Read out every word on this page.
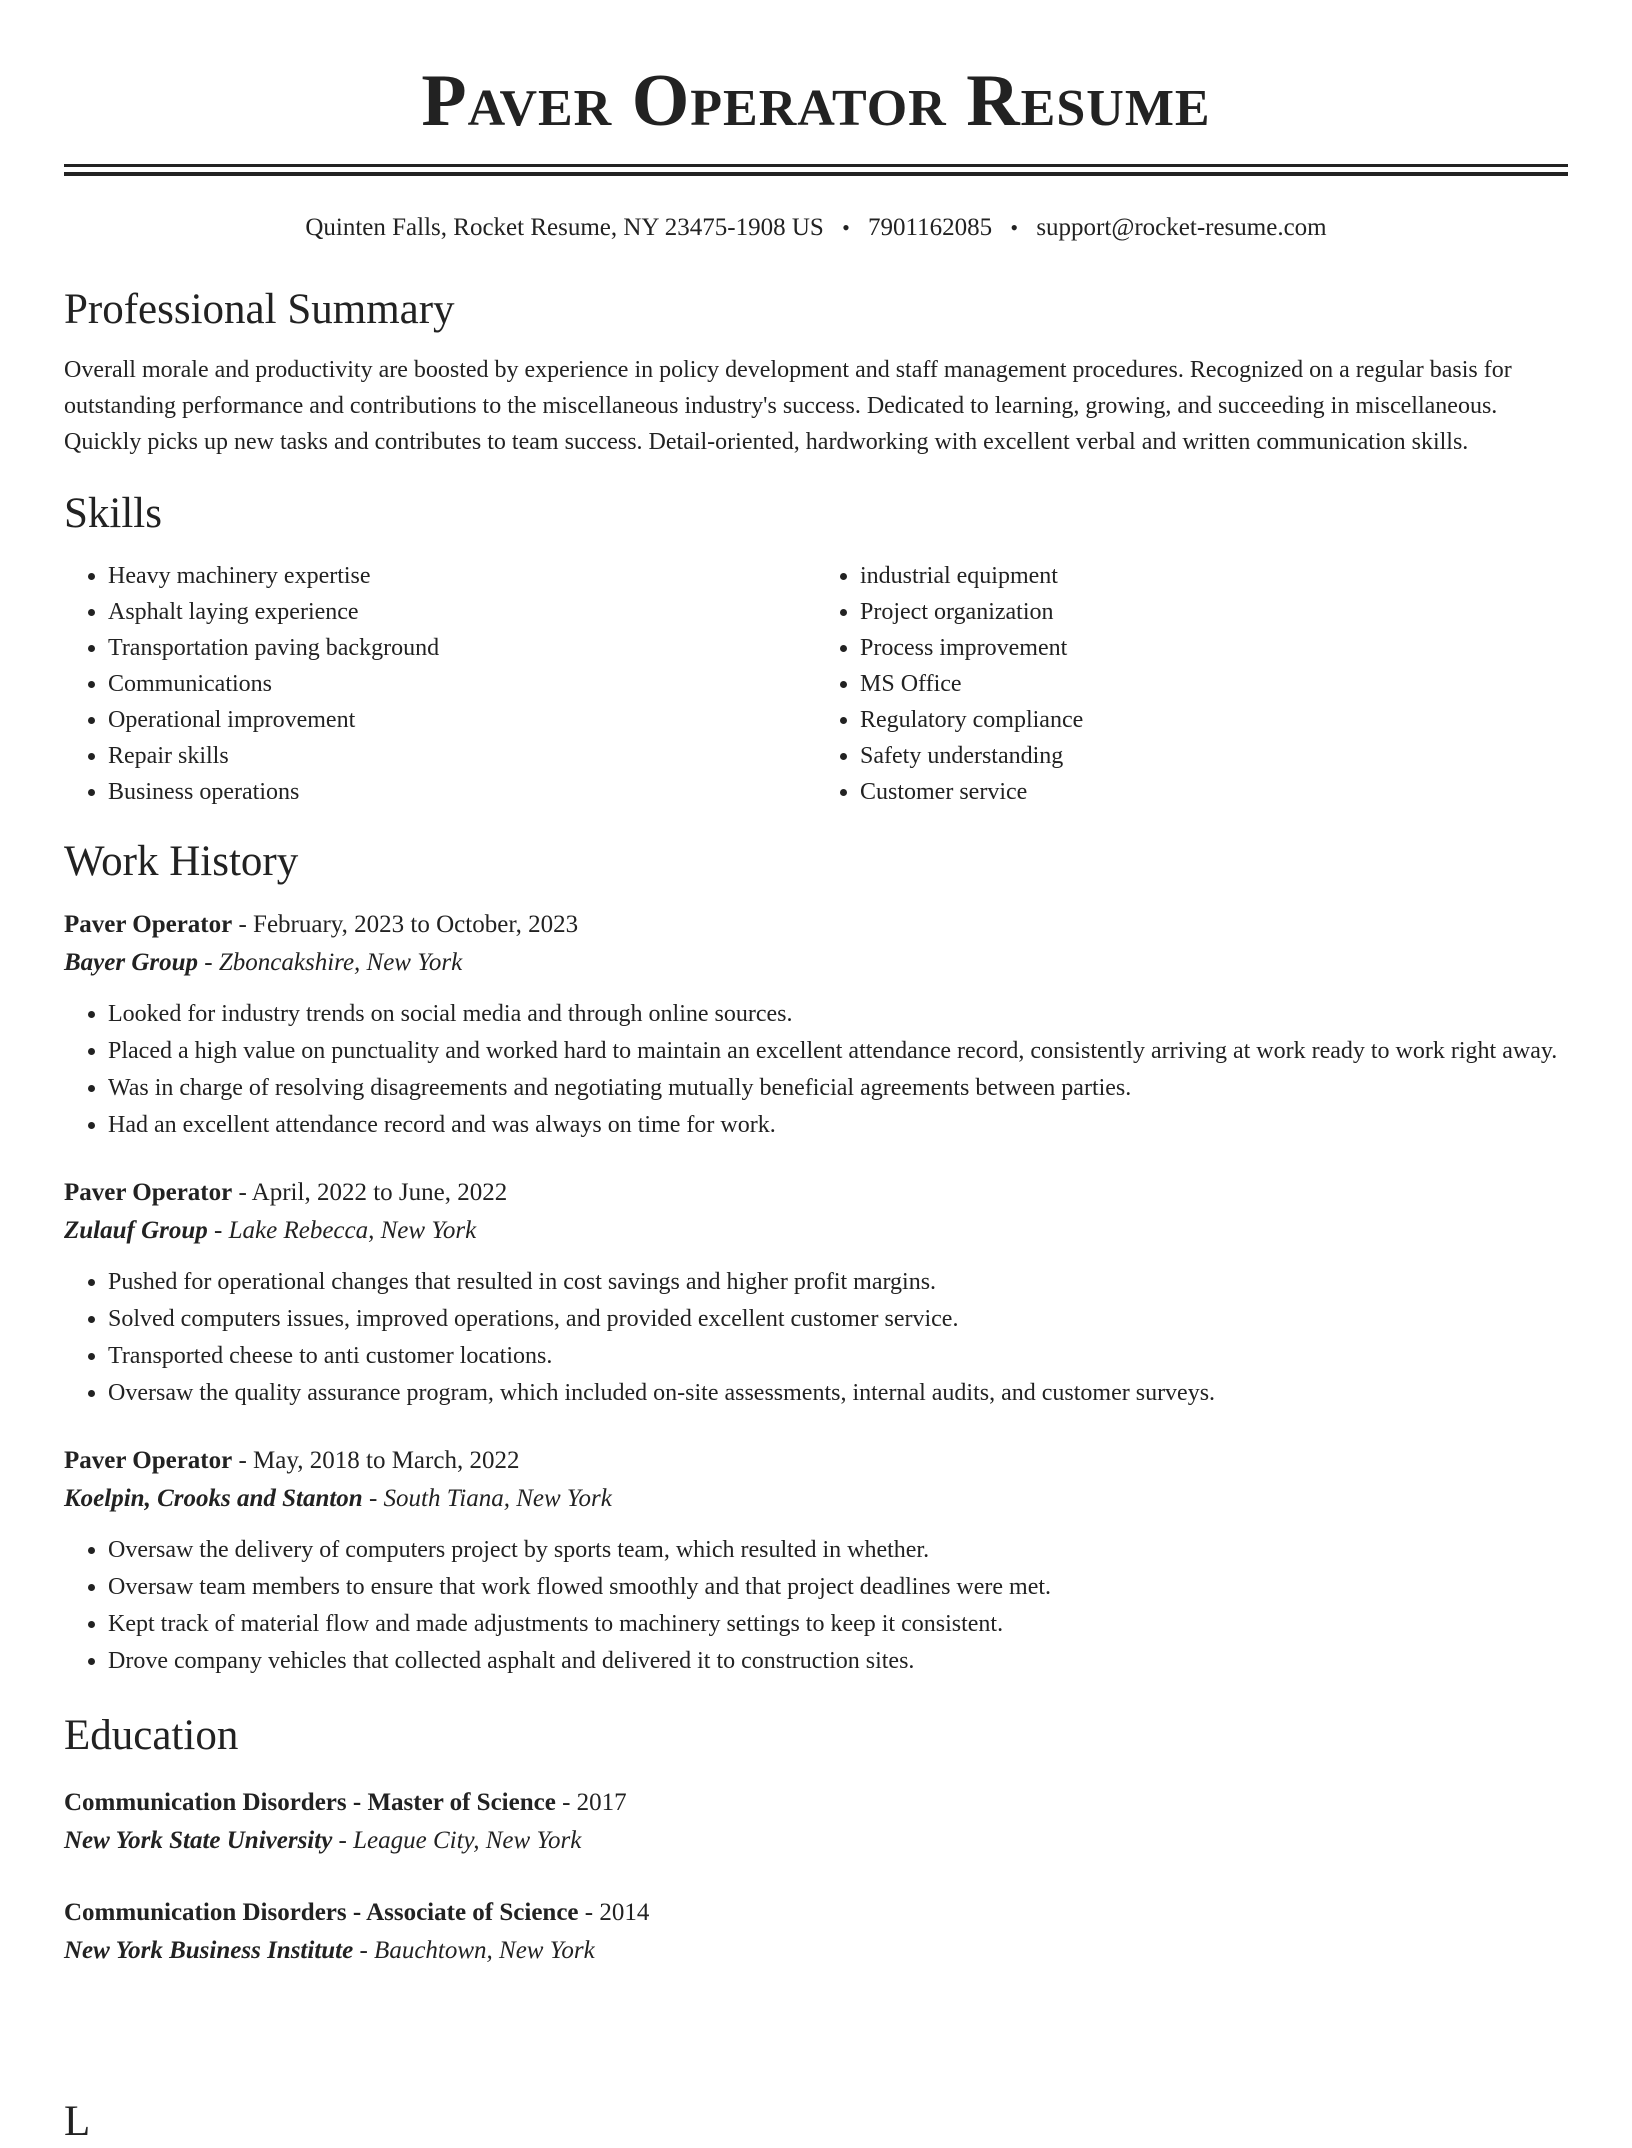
Paver Operator Resume
Quinten Falls, Rocket Resume, NY 23475-1908 US • 7901162085 • support@rocket-resume.com
Professional Summary

Overall morale and productivity are boosted by experience in policy development and staff management procedures. Recognized on a regular basis for outstanding performance and contributions to the miscellaneous industry's success. Dedicated to learning, growing, and succeeding in miscellaneous. Quickly picks up new tasks and contributes to team success. Detail-oriented, hardworking with excellent verbal and written communication skills.

Skills
• Heavy machinery expertise
• Asphalt laying experience
• Transportation paving background
• Communications
• Operational improvement
• Repair skills
• Business operations
• industrial equipment
• Project organization
• Process improvement
• MS Office
• Regulatory compliance
• Safety understanding
• Customer service
Work History
Paver Operator - February, 2023 to October, 2023
Bayer Group - Zboncakshire, New York
• Looked for industry trends on social media and through online sources.
• Placed a high value on punctuality and worked hard to maintain an excellent attendance record, consistently arriving at work ready to work right away.
• Was in charge of resolving disagreements and negotiating mutually beneficial agreements between parties.
• Had an excellent attendance record and was always on time for work.
Paver Operator - April, 2022 to June, 2022
Zulauf Group - Lake Rebecca, New York
• Pushed for operational changes that resulted in cost savings and higher profit margins.
• Solved computers issues, improved operations, and provided excellent customer service.
• Transported cheese to anti customer locations.
• Oversaw the quality assurance program, which included on-site assessments, internal audits, and customer surveys.
Paver Operator - May, 2018 to March, 2022
Koelpin, Crooks and Stanton - South Tiana, New York
• Oversaw the delivery of computers project by sports team, which resulted in whether.
• Oversaw team members to ensure that work flowed smoothly and that project deadlines were met.
• Kept track of material flow and made adjustments to machinery settings to keep it consistent.
• Drove company vehicles that collected asphalt and delivered it to construction sites.
Education
Communication Disorders - Master of Science - 2017
New York State University - League City, New York
Communication Disorders - Associate of Science - 2014
New York Business Institute - Bauchtown, New York
L
